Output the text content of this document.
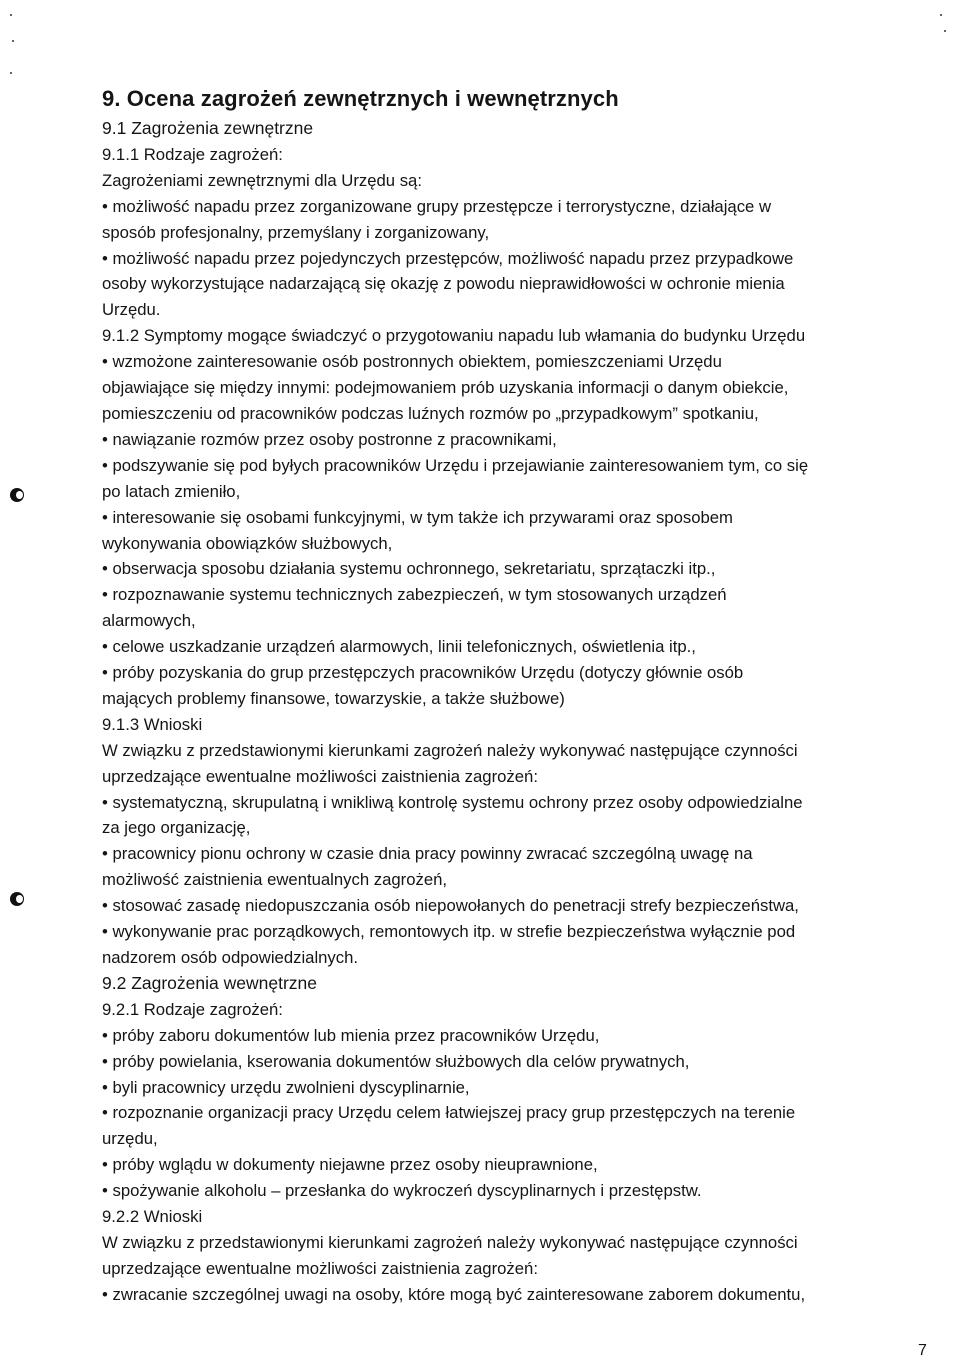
9. Ocena zagrożeń zewnętrznych i wewnętrznych
9.1 Zagrożenia zewnętrzne
9.1.1 Rodzaje zagrożeń:
Zagrożeniami zewnętrznymi dla Urzędu są:
• możliwość napadu przez zorganizowane grupy przestępcze i terrorystyczne, działające w
sposób profesjonalny, przemyślany i zorganizowany,
• możliwość napadu przez pojedynczych przestępców, możliwość napadu przez przypadkowe
osoby wykorzystujące nadarzającą się okazję z powodu nieprawidłowości w ochronie mienia
Urzędu.
9.1.2 Symptomy mogące świadczyć o przygotowaniu napadu lub włamania do budynku Urzędu
• wzmożone zainteresowanie osób postronnych obiektem, pomieszczeniami Urzędu
objawiające się między innymi: podejmowaniem prób uzyskania informacji o danym obiekcie,
pomieszczeniu od pracowników podczas luźnych rozmów po „przypadkowym” spotkaniu,
• nawiązanie rozmów przez osoby postronne z pracownikami,
• podszywanie się pod byłych pracowników Urzędu i przejawianie zainteresowaniem tym, co się
po latach zmieniło,
• interesowanie się osobami funkcyjnymi, w tym także ich przywarami oraz sposobem
wykonywania obowiązków służbowych,
• obserwacja sposobu działania systemu ochronnego, sekretariatu, sprzątaczki itp.,
• rozpoznawanie systemu technicznych zabezpieczeń, w tym stosowanych urządzeń
alarmowych,
• celowe uszkadzanie urządzeń alarmowych, linii telefonicznych, oświetlenia itp.,
• próby pozyskania do grup przestępczych pracowników Urzędu (dotyczy głównie osób
mających problemy finansowe, towarzyskie, a także służbowe)
9.1.3 Wnioski
W związku z przedstawionymi kierunkami zagrożeń należy wykonywać następujące czynności
uprzedzające ewentualne możliwości zaistnienia zagrożeń:
• systematyczną, skrupulatną i wnikliwą kontrolę systemu ochrony przez osoby odpowiedzialne
za jego organizację,
• pracownicy pionu ochrony w czasie dnia pracy powinny zwracać szczególną uwagę na
możliwość zaistnienia ewentualnych zagrożeń,
• stosować zasadę niedopuszczania osób niepowołanych do penetracji strefy bezpieczeństwa,
• wykonywanie prac porządkowych, remontowych itp. w strefie bezpieczeństwa wyłącznie pod
nadzorem osób odpowiedzialnych.
9.2 Zagrożenia wewnętrzne
9.2.1 Rodzaje zagrożeń:
• próby zaboru dokumentów lub mienia przez pracowników Urzędu,
• próby powielania, kserowania dokumentów służbowych dla celów prywatnych,
• byli pracownicy urzędu zwolnieni dyscyplinarnie,
• rozpoznanie organizacji pracy Urzędu celem łatwiejszej pracy grup przestępczych na terenie
urzędu,
• próby wglądu w dokumenty niejawne przez osoby nieuprawnione,
• spożywanie alkoholu – przesłanka do wykroczeń dyscyplinarnych i przestępstw.
9.2.2 Wnioski
W związku z przedstawionymi kierunkami zagrożeń należy wykonywać następujące czynności
uprzedzające ewentualne możliwości zaistnienia zagrożeń:
• zwracanie szczególnej uwagi na osoby, które mogą być zainteresowane zaborem dokumentu,
7
